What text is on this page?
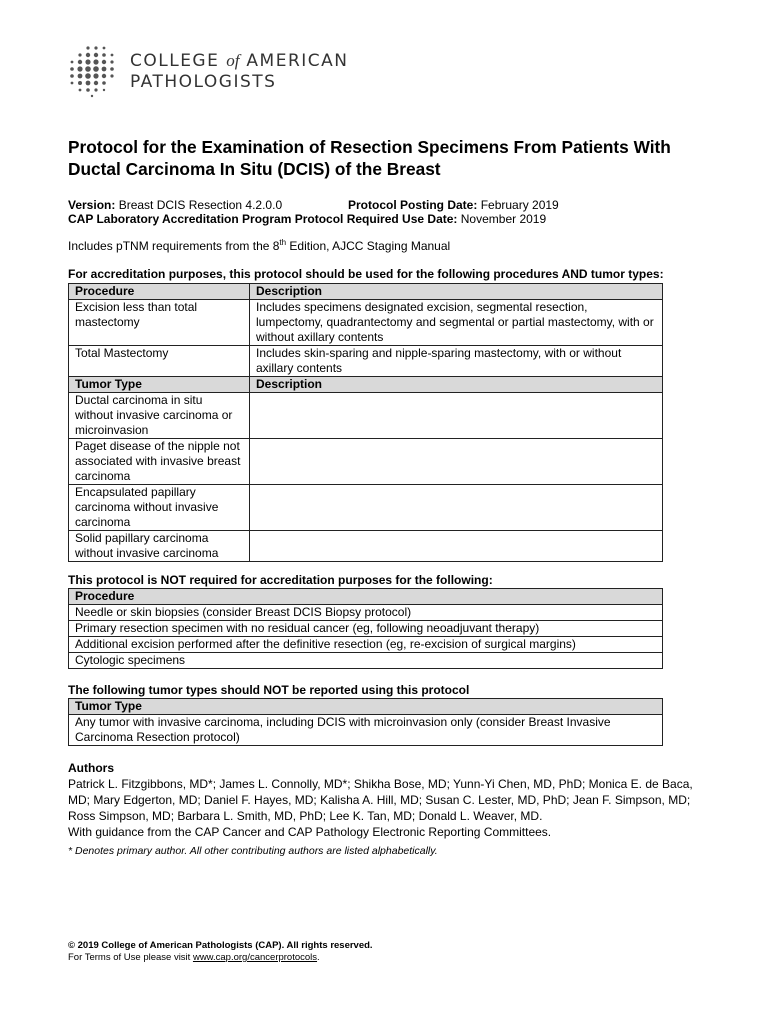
COLLEGE of AMERICAN
PATHOLOGISTS
Protocol for the Examination of Resection Specimens From Patients With Ductal Carcinoma In Situ (DCIS) of the Breast
Version: Breast DCIS Resection 4.2.0.0	Protocol Posting Date: February 2019
CAP Laboratory Accreditation Program Protocol Required Use Date: November 2019
Includes pTNM requirements from the 8th Edition, AJCC Staging Manual
For accreditation purposes, this protocol should be used for the following procedures AND tumor types:
Procedure	Description
Excision less than total mastectomy	Includes specimens designated excision, segmental resection, lumpectomy, quadrantectomy and segmental or partial mastectomy, with or without axillary contents
Total Mastectomy	Includes skin-sparing and nipple-sparing mastectomy, with or without axillary contents
Tumor Type	Description
Ductal carcinoma in situ without invasive carcinoma or microinvasion	
Paget disease of the nipple not associated with invasive breast carcinoma	
Encapsulated papillary carcinoma without invasive carcinoma	
Solid papillary carcinoma without invasive carcinoma	
This protocol is NOT required for accreditation purposes for the following:
Procedure
Needle or skin biopsies (consider Breast DCIS Biopsy protocol)
Primary resection specimen with no residual cancer (eg, following neoadjuvant therapy)
Additional excision performed after the definitive resection (eg, re-excision of surgical margins)
Cytologic specimens
The following tumor types should NOT be reported using this protocol
Tumor Type
Any tumor with invasive carcinoma, including DCIS with microinvasion only (consider Breast Invasive Carcinoma Resection protocol)
Authors
Patrick L. Fitzgibbons, MD*; James L. Connolly, MD*; Shikha Bose, MD; Yunn-Yi Chen, MD, PhD; Monica E. de Baca, MD; Mary Edgerton, MD; Daniel F. Hayes, MD; Kalisha A. Hill, MD; Susan C. Lester, MD, PhD; Jean F. Simpson, MD; Ross Simpson, MD; Barbara L. Smith, MD, PhD; Lee K. Tan, MD; Donald L. Weaver, MD.
With guidance from the CAP Cancer and CAP Pathology Electronic Reporting Committees.
* Denotes primary author. All other contributing authors are listed alphabetically.
© 2019 College of American Pathologists (CAP). All rights reserved.
For Terms of Use please visit www.cap.org/cancerprotocols.
